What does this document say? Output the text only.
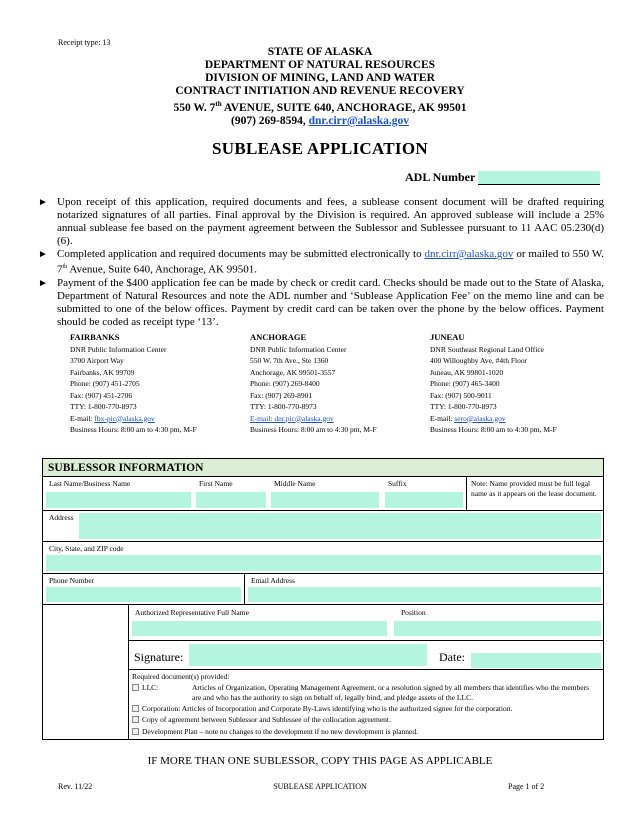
Receipt type: 13
STATE OF ALASKA
DEPARTMENT OF NATURAL RESOURCES
DIVISION OF MINING, LAND AND WATER
CONTRACT INITIATION AND REVENUE RECOVERY
550 W. 7th AVENUE, SUITE 640, ANCHORAGE, AK 99501
(907) 269-8594, dnr.cirr@alaska.gov
SUBLEASE APPLICATION
ADL Number
► Upon receipt of this application, required documents and fees, a sublease consent document will be drafted requiring notarized signatures of all parties. Final approval by the Division is required. An approved sublease will include a 25% annual sublease fee based on the payment agreement between the Sublessor and Sublessee pursuant to 11 AAC 05.230(d)(6).
► Completed application and required documents may be submitted electronically to dnr.cirr@alaska.gov or mailed to 550 W. 7th Avenue, Suite 640, Anchorage, AK 99501.
► Payment of the $400 application fee can be made by check or credit card. Checks should be made out to the State of Alaska, Department of Natural Resources and note the ADL number and ‘Sublease Application Fee’ on the memo line and can be submitted to one of the below offices. Payment by credit card can be taken over the phone by the below offices. Payment should be coded as receipt type ‘13’.
FAIRBANKS
DNR Public Information Center
3700 Airport Way
Fairbanks, AK 99709
Phone: (907) 451-2705
Fax: (907) 451-2706
TTY: 1-800-770-8973
E-mail: fbx-pic@alaska.gov
Business Hours: 8:00 am to 4:30 pm, M-F
ANCHORAGE
DNR Public Information Center
550 W. 7th Ave., Ste 1360
Anchorage, AK 99501-3557
Phone: (907) 269-8400
Fax: (907) 269-8901
TTY: 1-800-770-8973
E-mail: dnr.pic@alaska.gov
Business Hours: 8:00 am to 4:30 pm, M-F
JUNEAU
DNR Southeast Regional Land Office
400 Willoughby Ave, #4th Floor
Juneau, AK 99801-1020
Phone: (907) 465-3400
Fax: (907) 500-9011
TTY: 1-800-770-8973
E-mail: sero@alaska.gov
Business Hours: 8:00 am to 4:30 pm, M-F
SUBLESSOR INFORMATION
Last Name/Business Name	First Name	Middle Name	Suffix	Note: Name provided must be full legal name as it appears on the lease document.
Address
City, State, and ZIP code
Phone Number	Email Address
Authorized Representative Full Name	Position
Signature:	Date:
Required document(s) provided:
LLC:	Articles of Organization, Operating Management Agreement, or a resolution signed by all members that identifies who the members are and who has the authority to sign on behalf of, legally bind, and pledge assets of the LLC.
Corporation: Articles of Incorporation and Corporate By-Laws identifying who is the authorized signee for the corporation.
Copy of agreement between Sublessor and Sublessee of the collocation agreement.
Development Plan – note no changes to the development if no new development is planned.
IF MORE THAN ONE SUBLESSOR, COPY THIS PAGE AS APPLICABLE
Rev. 11/22	SUBLEASE APPLICATION	Page 1 of 2
